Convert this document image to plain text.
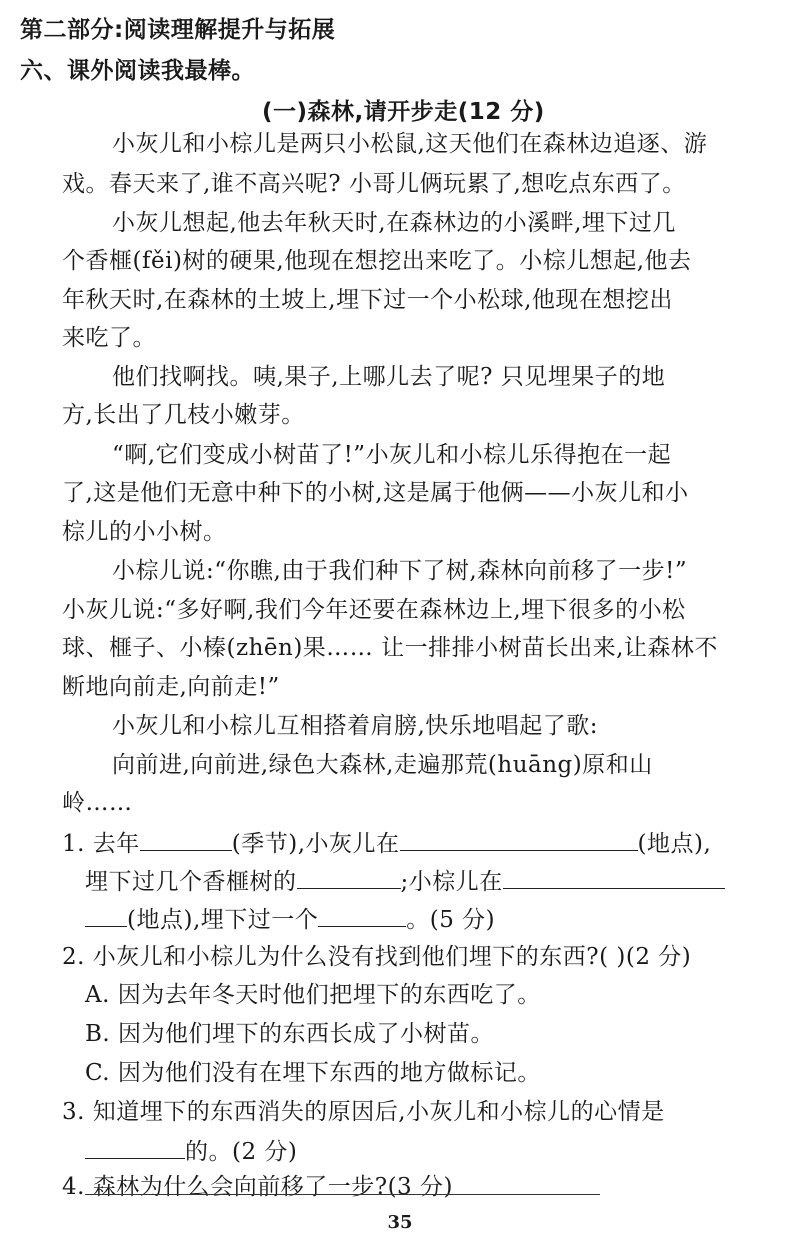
第二部分:阅读理解提升与拓展
六、课外阅读我最棒。
(一)森林,请开步走(12 分)
小灰儿和小棕儿是两只小松鼠,这天他们在森林边追逐、游
戏。春天来了,谁不高兴呢? 小哥儿俩玩累了,想吃点东西了。
小灰儿想起,他去年秋天时,在森林边的小溪畔,埋下过几
个香榧(fěi)树的硬果,他现在想挖出来吃了。小棕儿想起,他去
年秋天时,在森林的土坡上,埋下过一个小松球,他现在想挖出
来吃了。
他们找啊找。咦,果子,上哪儿去了呢? 只见埋果子的地
方,长出了几枝小嫩芽。
“啊,它们变成小树苗了!”小灰儿和小棕儿乐得抱在一起
了,这是他们无意中种下的小树,这是属于他俩——小灰儿和小
棕儿的小小树。
小棕儿说:“你瞧,由于我们种下了树,森林向前移了一步!”
小灰儿说:“多好啊,我们今年还要在森林边上,埋下很多的小松
球、榧子、小榛(zhēn)果…… 让一排排小树苗长出来,让森林不
断地向前走,向前走!”
小灰儿和小棕儿互相搭着肩膀,快乐地唱起了歌:
向前进,向前进,绿色大森林,走遍那荒(huāng)原和山
岭……
1. 去年	(季节),小灰儿在	(地点),
埋下过几个香榧树的	;小棕儿在
(地点),埋下过一个	。(5 分)
2. 小灰儿和小棕儿为什么没有找到他们埋下的东西?( )(2 分)
A. 因为去年冬天时他们把埋下的东西吃了。
B. 因为他们埋下的东西长成了小树苗。
C. 因为他们没有在埋下东西的地方做标记。
3. 知道埋下的东西消失的原因后,小灰儿和小棕儿的心情是
的。(2 分)
4. 森林为什么会向前移了一步?(3 分)
35
